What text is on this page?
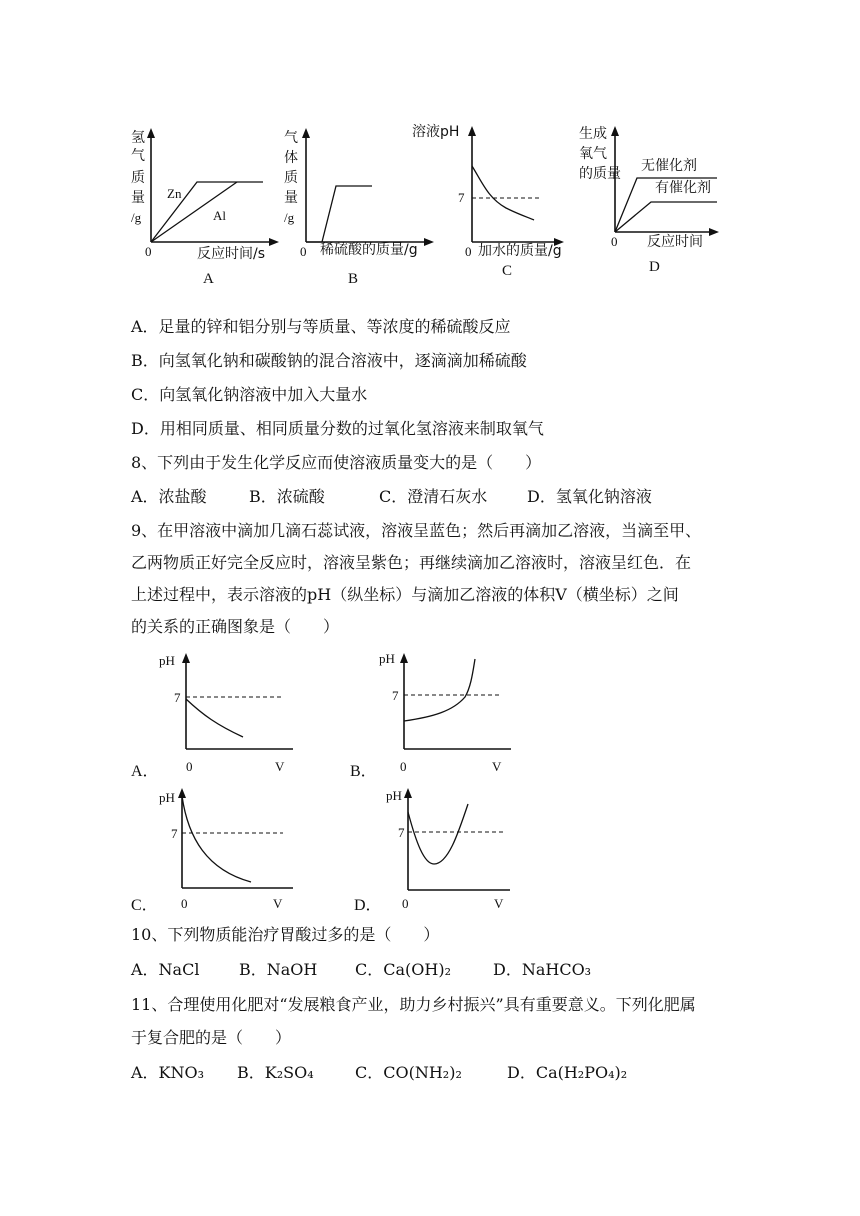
氢
气
质
量
/g
Zn
Al
0	反应时间/s
A
气
体
质
量
/g
0 稀硫酸的质量/g
B
溶液pH
7
0 加水的质量/g
C
生成
氧气
的质量 无催化剂
有催化剂
0 反应时间
D
A．足量的锌和铝分别与等质量、等浓度的稀硫酸反应
B．向氢氧化钠和碳酸钠的混合溶液中，逐滴滴加稀硫酸
C．向氢氧化钠溶液中加入大量水
D．用相同质量、相同质量分数的过氧化氢溶液来制取氧气
8、下列由于发生化学反应而使溶液质量变大的是（　　）
A．浓盐酸	B．浓硫酸	C．澄清石灰水 D．氢氧化钠溶液
9、在甲溶液中滴加几滴石蕊试液，溶液呈蓝色；然后再滴加乙溶液，当滴至甲、
乙两物质正好完全反应时，溶液呈紫色；再继续滴加乙溶液时，溶液呈红色．在
上述过程中，表示溶液的pH（纵坐标）与滴加乙溶液的体积V（横坐标）之间
的关系的正确图象是（　　）
A．
pH
7
0	V	B．
pH
7
0	V
C．
pH
7
0	V	D．
pH
7
0	V
10、下列物质能治疗胃酸过多的是（　　）
A．NaCl B．NaOH C．Ca(OH)₂	D．NaHCO₃
11、合理使用化肥对“发展粮食产业，助力乡村振兴”具有重要意义。下列化肥属
于复合肥的是（　　）
A．KNO₃ B．K₂SO₄	C．CO(NH₂)₂	D．Ca(H₂PO₄)₂
